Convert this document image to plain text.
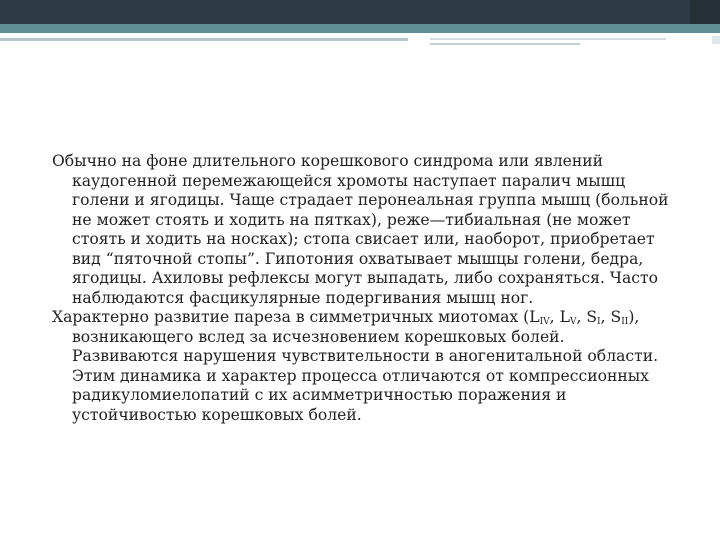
Обычно на фоне длительного корешкового синдрома или явлений каудогенной перемежающейся хромоты наступает паралич мышц голени и ягодицы. Чаще страдает перонеальная группа мышц (больной не может стоять и ходить на пятках), реже—тибиальная (не может стоять и ходить на носках); стопа свисает или, наоборот, приобретает вид “пяточной стопы”. Гипотония охватывает мышцы голени, бедра, ягодицы. Ахиловы рефлексы могут выпадать, либо сохраняться. Часто наблюдаются фасцикулярные подергивания мышц ног.

Характерно развитие пареза в симметричных миотомах ($L_{IV}$, $L_V$, $S_I$, $S_{II}$), возникающего вслед за исчезновением корешковых болей. Развиваются нарушения чувствительности в аногенитальной области. Этим динамика и характер процесса отличаются от компрессионных радикуломиелопатий с их асимметричностью поражения и устойчивостью корешковых болей.
